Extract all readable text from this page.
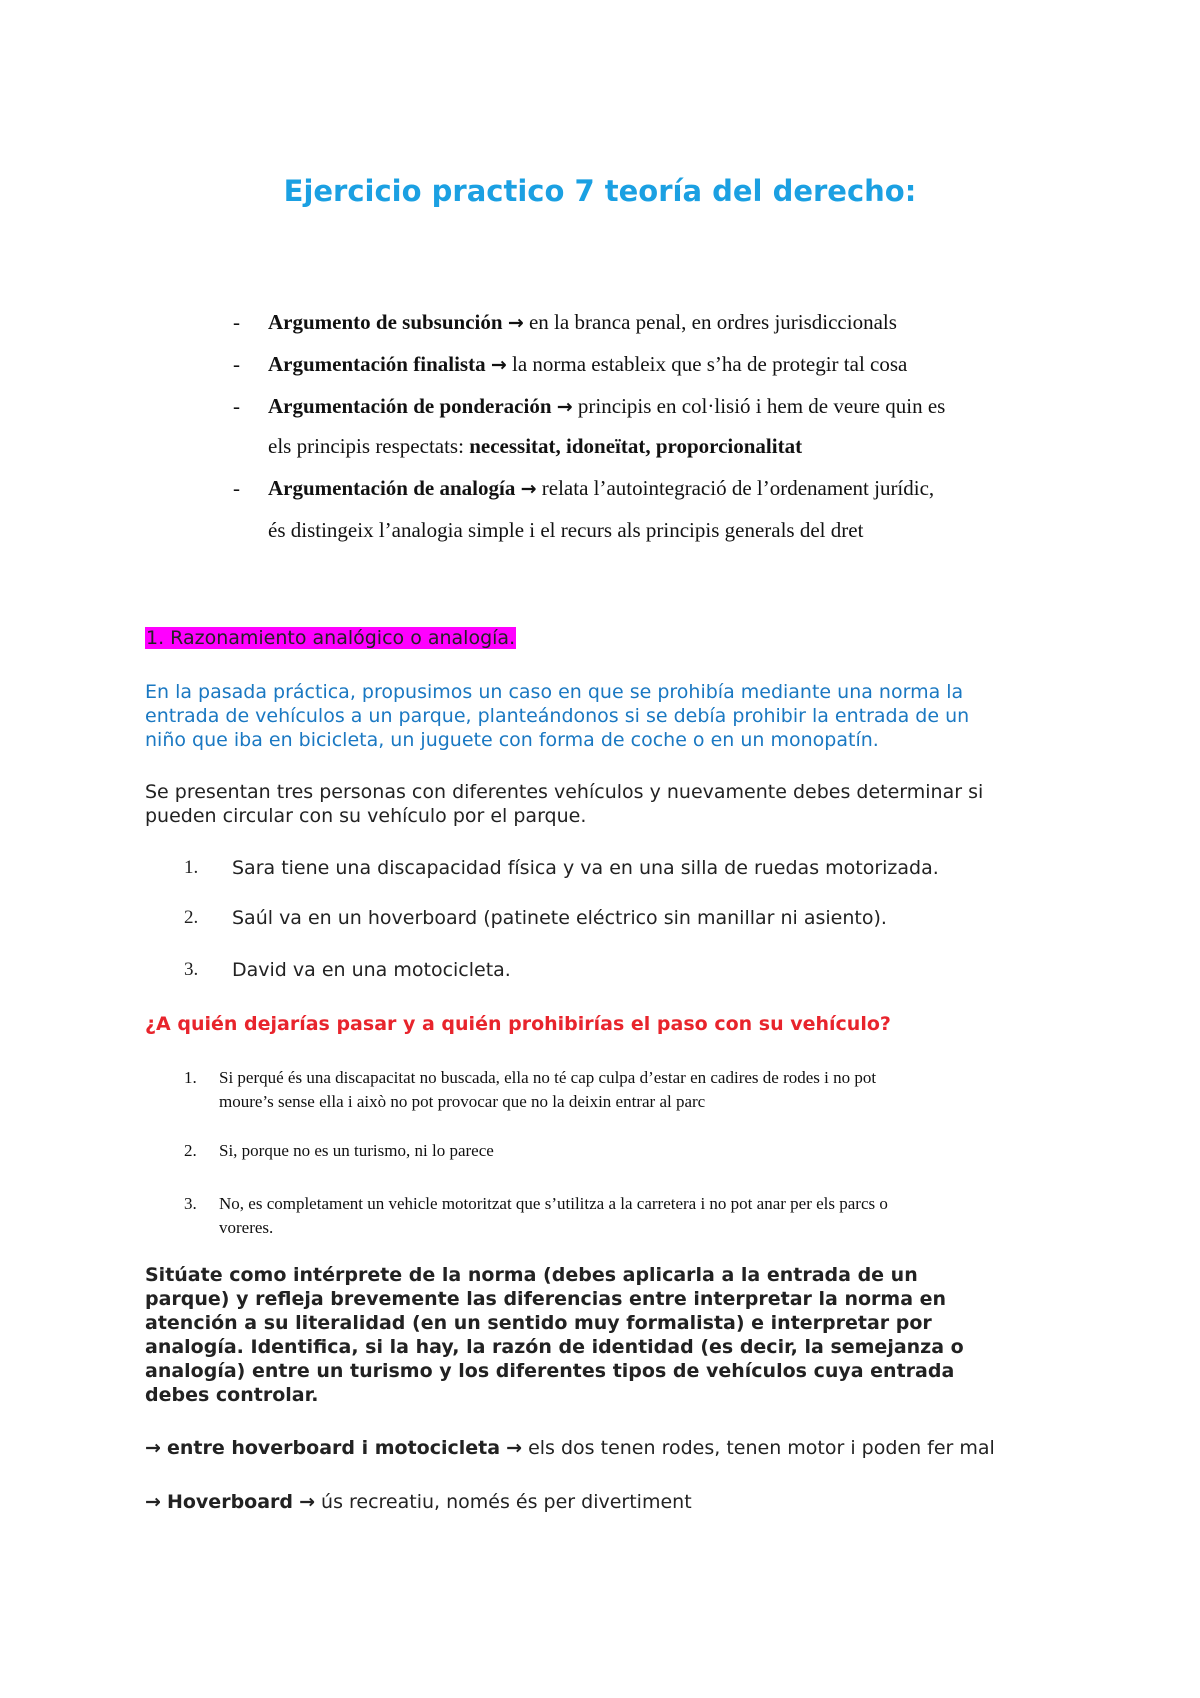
Ejercicio practico 7 teoría del derecho:
- Argumento de subsunción → en la branca penal, en ordres jurisdiccionals
- Argumentación finalista → la norma estableix que s’ha de protegir tal cosa
- Argumentación de ponderación → principis en col·lisió i hem de veure quin es
els principis respectats: necessitat, idoneïtat, proporcionalitat
- Argumentación de analogía → relata l’autointegració de l’ordenament jurídic,
és distingeix l’analogia simple i el recurs als principis generals del dret
1. Razonamiento analógico o analogía.
En la pasada práctica, propusimos un caso en que se prohibía mediante una norma la
entrada de vehículos a un parque, planteándonos si se debía prohibir la entrada de un
niño que iba en bicicleta, un juguete con forma de coche o en un monopatín.
Se presentan tres personas con diferentes vehículos y nuevamente debes determinar si
pueden circular con su vehículo por el parque.
1. Sara tiene una discapacidad física y va en una silla de ruedas motorizada.
2. Saúl va en un hoverboard (patinete eléctrico sin manillar ni asiento).
3. David va en una motocicleta.
¿A quién dejarías pasar y a quién prohibirías el paso con su vehículo?
1. Si perqué és una discapacitat no buscada, ella no té cap culpa d’estar en cadires de rodes i no pot
moure’s sense ella i això no pot provocar que no la deixin entrar al parc
2. Si, porque no es un turismo, ni lo parece
3. No, es completament un vehicle motoritzat que s’utilitza a la carretera i no pot anar per els parcs o
voreres.
Sitúate como intérprete de la norma (debes aplicarla a la entrada de un
parque) y refleja brevemente las diferencias entre interpretar la norma en
atención a su literalidad (en un sentido muy formalista) e interpretar por
analogía. Identifica, si la hay, la razón de identidad (es decir, la semejanza o
analogía) entre un turismo y los diferentes tipos de vehículos cuya entrada
debes controlar.
→ entre hoverboard i motocicleta → els dos tenen rodes, tenen motor i poden fer mal
→ Hoverboard → ús recreatiu, només és per divertiment
